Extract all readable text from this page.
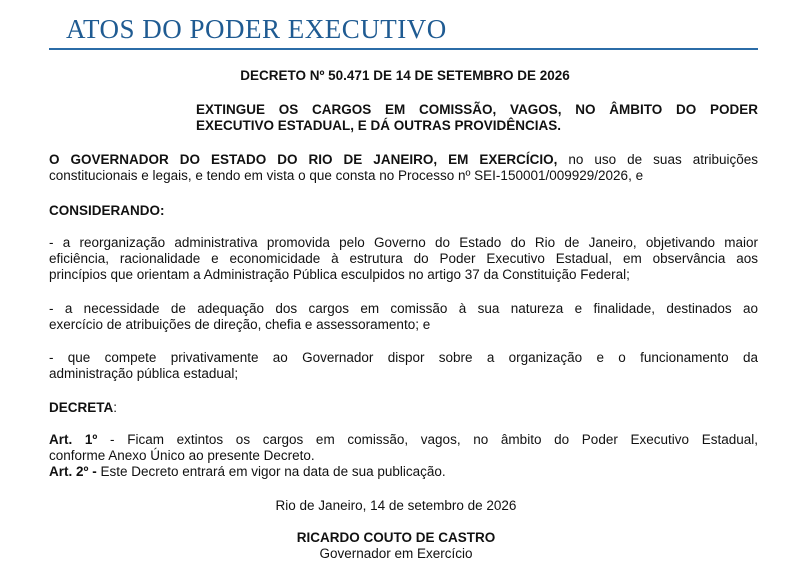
ATOS DO PODER EXECUTIVO
DECRETO Nº 50.471 DE 14 DE SETEMBRO DE 2026
EXTINGUE OS CARGOS EM COMISSÃO, VAGOS, NO ÂMBITO DO PODER
EXECUTIVO ESTADUAL, E DÁ OUTRAS PROVIDÊNCIAS.
O GOVERNADOR DO ESTADO DO RIO DE JANEIRO, EM EXERCÍCIO, no uso de suas atribuições
constitucionais e legais, e tendo em vista o que consta no Processo nº SEI-150001/009929/2026, e
CONSIDERANDO:
- a reorganização administrativa promovida pelo Governo do Estado do Rio de Janeiro, objetivando maior
eficiência, racionalidade e economicidade à estrutura do Poder Executivo Estadual, em observância aos
princípios que orientam a Administração Pública esculpidos no artigo 37 da Constituição Federal;
- a necessidade de adequação dos cargos em comissão à sua natureza e finalidade, destinados ao
exercício de atribuições de direção, chefia e assessoramento; e
- que compete privativamente ao Governador dispor sobre a organização e o funcionamento da
administração pública estadual;
DECRETA:
Art. 1º - Ficam extintos os cargos em comissão, vagos, no âmbito do Poder Executivo Estadual,
conforme Anexo Único ao presente Decreto.
Art. 2º - Este Decreto entrará em vigor na data de sua publicação.
Rio de Janeiro, 14 de setembro de 2026
RICARDO COUTO DE CASTRO
Governador em Exercício
